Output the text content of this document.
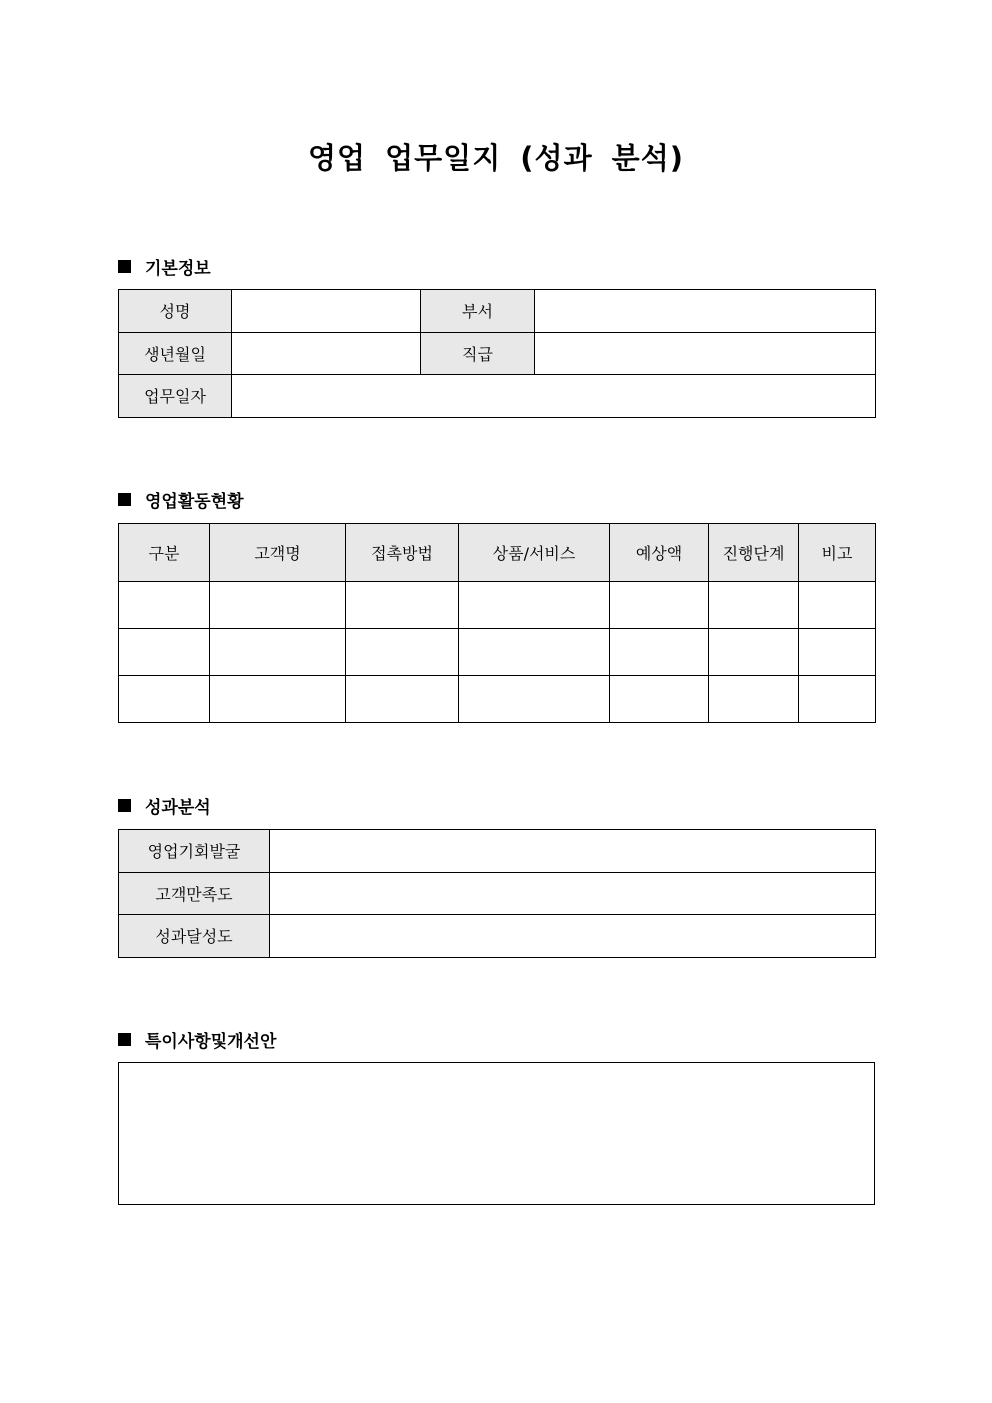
영업 업무일지 (성과 분석)
기본정보
성명		부서	
생년월일		직급	
업무일자			
영업활동현황
구분	고객명	접촉방법	상품/서비스	예상액	진행단계	비고

성과분석
영업기회발굴	
고객만족도	
성과달성도	
특이사항및개선안
